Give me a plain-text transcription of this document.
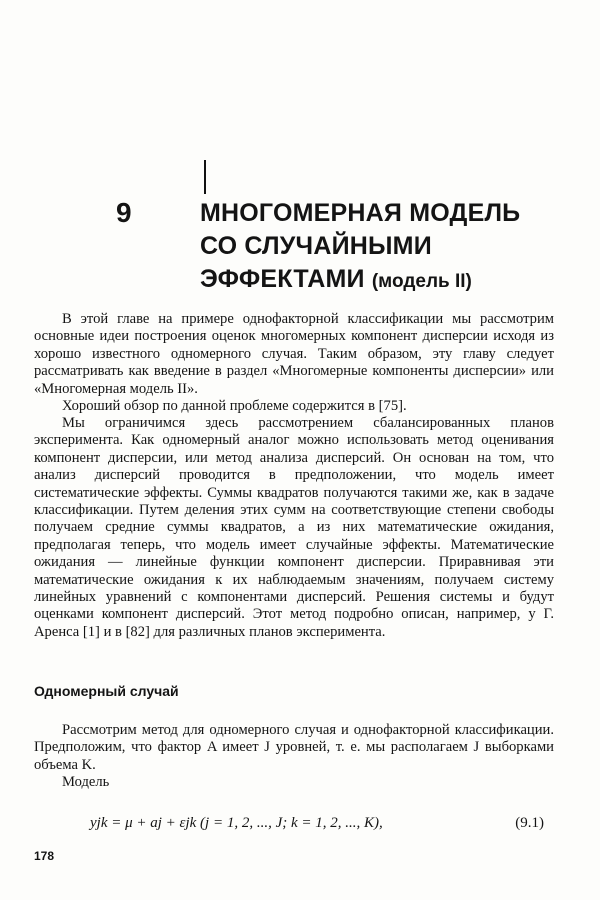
9	МНОГОМЕРНАЯ МОДЕЛЬ
СО СЛУЧАЙНЫМИ
ЭФФЕКТАМИ (модель II)

В этой главе на примере однофакторной классификации мы рассмотрим основные идеи построения оценок многомерных компонент дисперсии исходя из хорошо известного одномерного случая. Таким образом, эту главу следует рассматривать как введение в раздел «Многомерные компоненты дисперсии» или «Многомерная модель II».

Хороший обзор по данной проблеме содержится в [75].

Мы ограничимся здесь рассмотрением сбалансированных планов эксперимента. Как одномерный аналог можно использовать метод оценивания компонент дисперсии, или метод анализа дисперсий. Он основан на том, что анализ дисперсий проводится в предположении, что модель имеет систематические эффекты. Суммы квадратов получаются такими же, как в задаче классификации. Путем деления этих сумм на соответствующие степени свободы получаем средние суммы квадратов, а из них математические ожидания, предполагая теперь, что модель имеет случайные эффекты. Математические ожидания — линейные функции компонент дисперсии. Приравнивая эти математические ожидания к их наблюдаемым значениям, получаем систему линейных уравнений с компонентами дисперсий. Решения системы и будут оценками компонент дисперсий. Этот метод подробно описан, например, у Г. Аренса [1] и в [82] для различных планов эксперимента.

Одномерный случай

Рассмотрим метод для одномерного случая и однофакторной классификации. Предположим, что фактор A имеет J уровней, т. е. мы располагаем J выборками объема K.

Модель

yjk = μ + aj + εjk (j = 1, 2, ..., J; k = 1, 2, ..., K),	(9.1)
178
